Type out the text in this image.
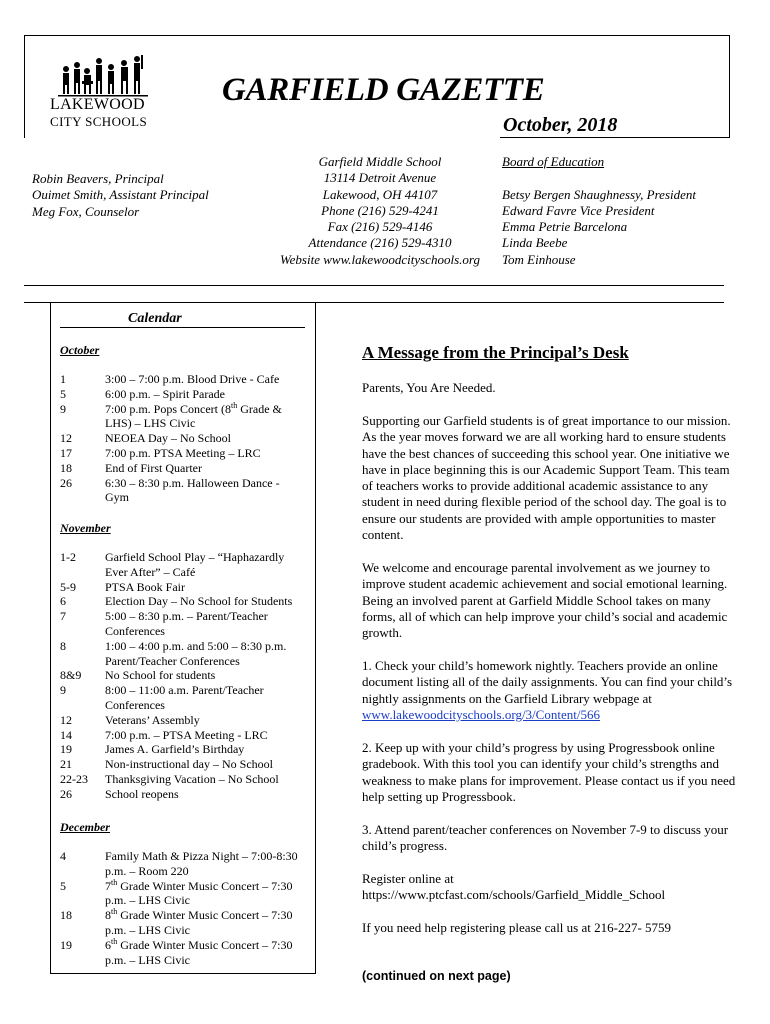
LAKEWOOD
CITY SCHOOLS
GARFIELD GAZETTE
October, 2018
Robin Beavers, Principal
Ouimet Smith, Assistant Principal
Meg Fox, Counselor
Garfield Middle School
13114 Detroit Avenue
Lakewood, OH 44107
Phone (216) 529-4241
Fax (216) 529-4146
Attendance (216) 529-4310
Website www.lakewoodcityschools.org
Board of Education
Betsy Bergen Shaughnessy, President
Edward Favre Vice President
Emma Petrie Barcelona
Linda Beebe
Tom Einhouse
Calendar
October
1	3:00 – 7:00 p.m. Blood Drive - Cafe
5	6:00 p.m. – Spirit Parade
9	7:00 p.m. Pops Concert (8th Grade & LHS) – LHS Civic
12	NEOEA Day – No School
17	7:00 p.m. PTSA Meeting – LRC
18	End of First Quarter
26	6:30 – 8:30 p.m. Halloween Dance - Gym
November
1-2	Garfield School Play – “Haphazardly Ever After” – Café
5-9	PTSA Book Fair
6	Election Day – No School for Students
7	5:00 – 8:30 p.m. – Parent/Teacher Conferences
8	1:00 – 4:00 p.m. and 5:00 – 8:30 p.m. Parent/Teacher Conferences
8&9	No School for students
9	8:00 – 11:00 a.m. Parent/Teacher Conferences
12	Veterans’ Assembly
14	7:00 p.m. – PTSA Meeting - LRC
19	James A. Garfield’s Birthday
21	Non-instructional day – No School
22-23	Thanksgiving Vacation – No School
26	School reopens
December
4	Family Math & Pizza Night – 7:00-8:30 p.m. – Room 220
5	7th Grade Winter Music Concert – 7:30 p.m. – LHS Civic
18	8th Grade Winter Music Concert – 7:30 p.m. – LHS Civic
19	6th Grade Winter Music Concert – 7:30 p.m. – LHS Civic
A Message from the Principal’s Desk
Parents, You Are Needed.
Supporting our Garfield students is of great importance to our mission. As the year moves forward we are all working hard to ensure students have the best chances of succeeding this school year. One initiative we have in place beginning this is our Academic Support Team. This team of teachers works to provide additional academic assistance to any student in need during flexible period of the school day. The goal is to ensure our students are provided with ample opportunities to master content.
We welcome and encourage parental involvement as we journey to improve student academic achievement and social emotional learning. Being an involved parent at Garfield Middle School takes on many forms, all of which can help improve your child’s social and academic growth.
1. Check your child’s homework nightly. Teachers provide an online document listing all of the daily assignments. You can find your child’s nightly assignments on the Garfield Library webpage at www.lakewoodcityschools.org/3/Content/566
2. Keep up with your child’s progress by using Progressbook online gradebook. With this tool you can identify your child’s strengths and weakness to make plans for improvement. Please contact us if you need help setting up Progressbook.
3. Attend parent/teacher conferences on November 7-9 to discuss your child’s progress.
Register online at
https://www.ptcfast.com/schools/Garfield_Middle_School
If you need help registering please call us at 216-227- 5759
(continued on next page)
